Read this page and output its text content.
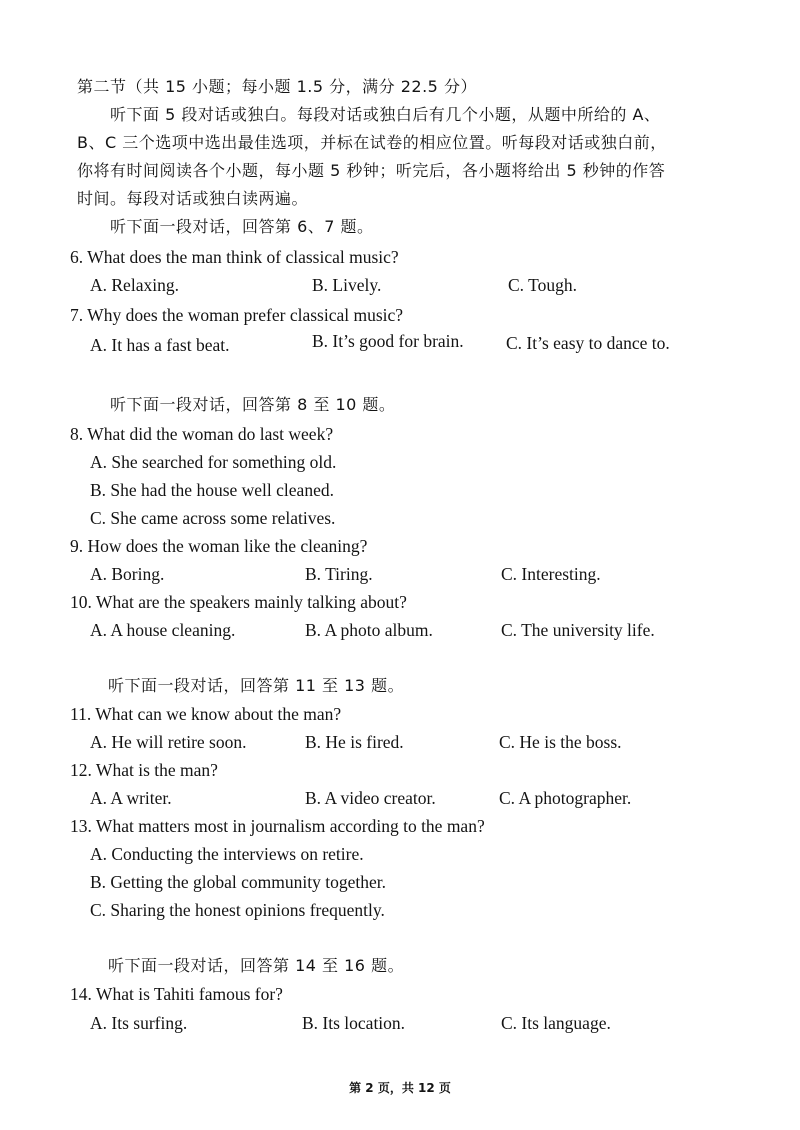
第二节（共 15 小题；每小题 1.5 分，满分 22.5 分）
听下面 5 段对话或独白。每段对话或独白后有几个小题，从题中所给的 A、
B、C 三个选项中选出最佳选项，并标在试卷的相应位置。听每段对话或独白前，
你将有时间阅读各个小题，每小题 5 秒钟；听完后，各小题将给出 5 秒钟的作答
时间。每段对话或独白读两遍。
听下面一段对话，回答第 6、7 题。
6. What does the man think of classical music?
A. Relaxing.	B. Lively.	C. Tough.
7. Why does the woman prefer classical music?
A. It has a fast beat.	B. It’s good for brain. C. It’s easy to dance to.
听下面一段对话，回答第 8 至 10 题。
8. What did the woman do last week?
A. She searched for something old.
B. She had the house well cleaned.
C. She came across some relatives.
9. How does the woman like the cleaning?
A. Boring.	B. Tiring.	C. Interesting.
10. What are the speakers mainly talking about?
A. A house cleaning.	B. A photo album.	C. The university life.
听下面一段对话，回答第 11 至 13 题。
11. What can we know about the man?
A. He will retire soon.	B. He is fired.	C. He is the boss.
12. What is the man?
A. A writer.	B. A video creator.	C. A photographer.
13. What matters most in journalism according to the man?
A. Conducting the interviews on retire.
B. Getting the global community together.
C. Sharing the honest opinions frequently.
听下面一段对话，回答第 14 至 16 题。
14. What is Tahiti famous for?
A. Its surfing.	B. Its location.	C. Its language.
第 2 页，共 12 页
